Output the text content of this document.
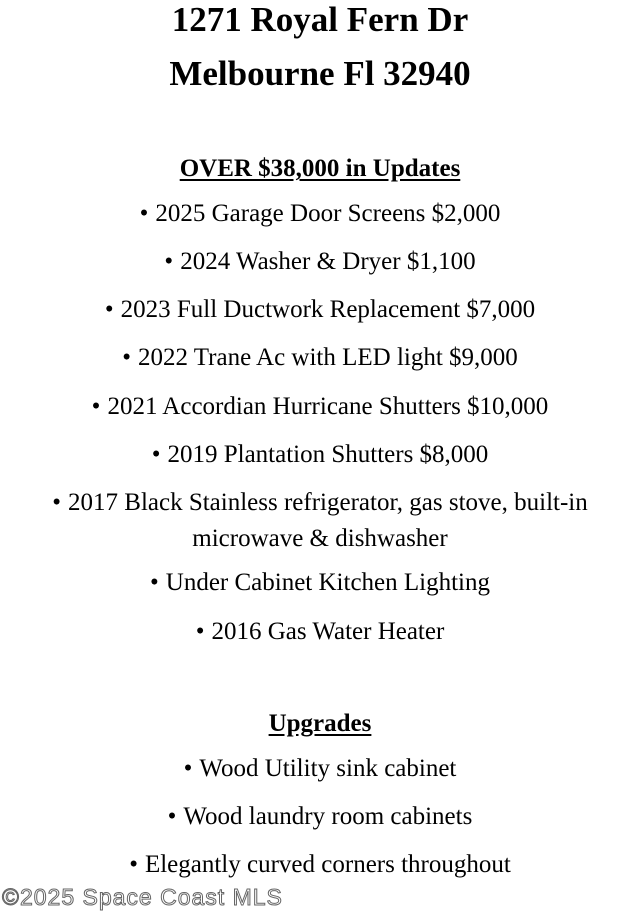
1271 Royal Fern Dr
Melbourne Fl 32940
OVER $38,000 in Updates
• 2025 Garage Door Screens $2,000
• 2024 Washer & Dryer $1,100
• 2023 Full Ductwork Replacement $7,000
• 2022 Trane Ac with LED light $9,000
• 2021 Accordian Hurricane Shutters $10,000
• 2019 Plantation Shutters $8,000
• 2017 Black Stainless refrigerator, gas stove, built-in
microwave & dishwasher
• Under Cabinet Kitchen Lighting
• 2016 Gas Water Heater
Upgrades
• Wood Utility sink cabinet
• Wood laundry room cabinets
• Elegantly curved corners throughout
©2025 Space Coast MLS
